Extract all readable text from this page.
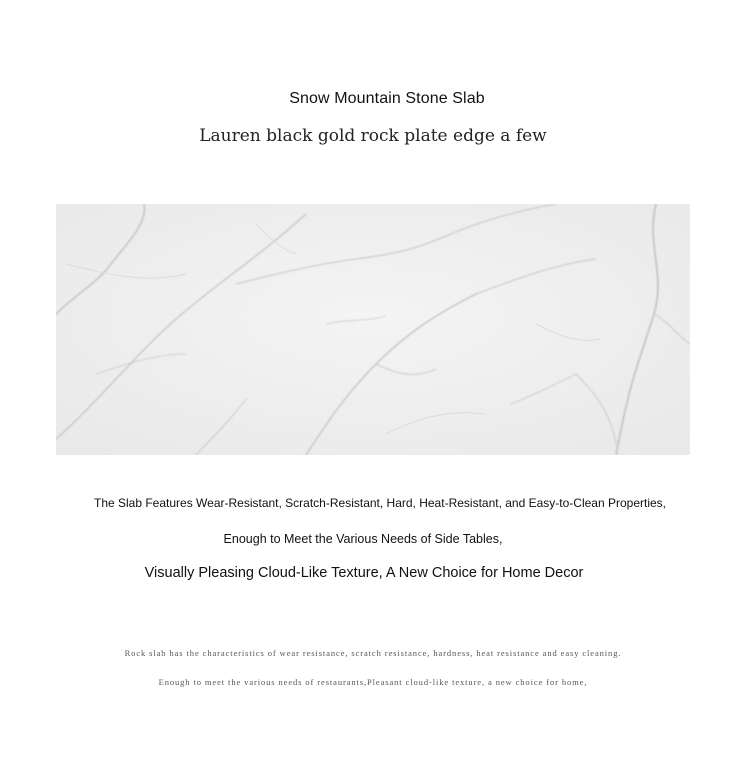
Snow Mountain Stone Slab
Lauren black gold rock plate edge a few
The Slab Features Wear-Resistant, Scratch-Resistant, Hard, Heat-Resistant, and Easy-to-Clean Properties,
Enough to Meet the Various Needs of Side Tables,
Visually Pleasing Cloud-Like Texture, A New Choice for Home Decor
Rock slab has the characteristics of wear resistance, scratch resistance, hardness, heat resistance and easy cleaning.
Enough to meet the various needs of restaurants,Pleasant cloud-like texture, a new choice for home,
